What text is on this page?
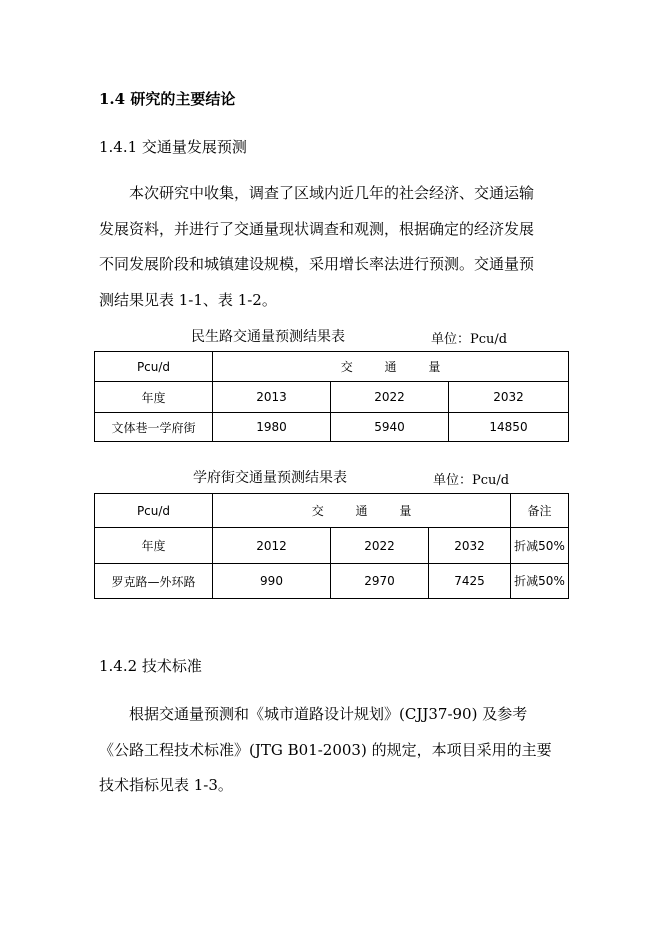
1.4 研究的主要结论
1.4.1 交通量发展预测
本次研究中收集，调查了区域内近几年的社会经济、交通运输
发展资料，并进行了交通量现状调查和观测，根据确定的经济发展
不同发展阶段和城镇建设规模，采用增长率法进行预测。交通量预
测结果见表 1-1、表 1-2。
民生路交通量预测结果表	单位：Pcu/d
Pcu/d	交 通 量		
年度	2013	2022	2032
文体巷一学府街	1980	5940	14850
学府街交通量预测结果表	单位：Pcu/d
Pcu/d	交 通 量			备注
年度	2012	2022	2032	折减50%
罗克路—外环路	990	2970	7425	折减50%
1.4.2 技术标准
根据交通量预测和《城市道路设计规划》(CJJ37-90) 及参考
《公路工程技术标准》(JTG B01-2003) 的规定，本项目采用的主要
技术指标见表 1-3。
